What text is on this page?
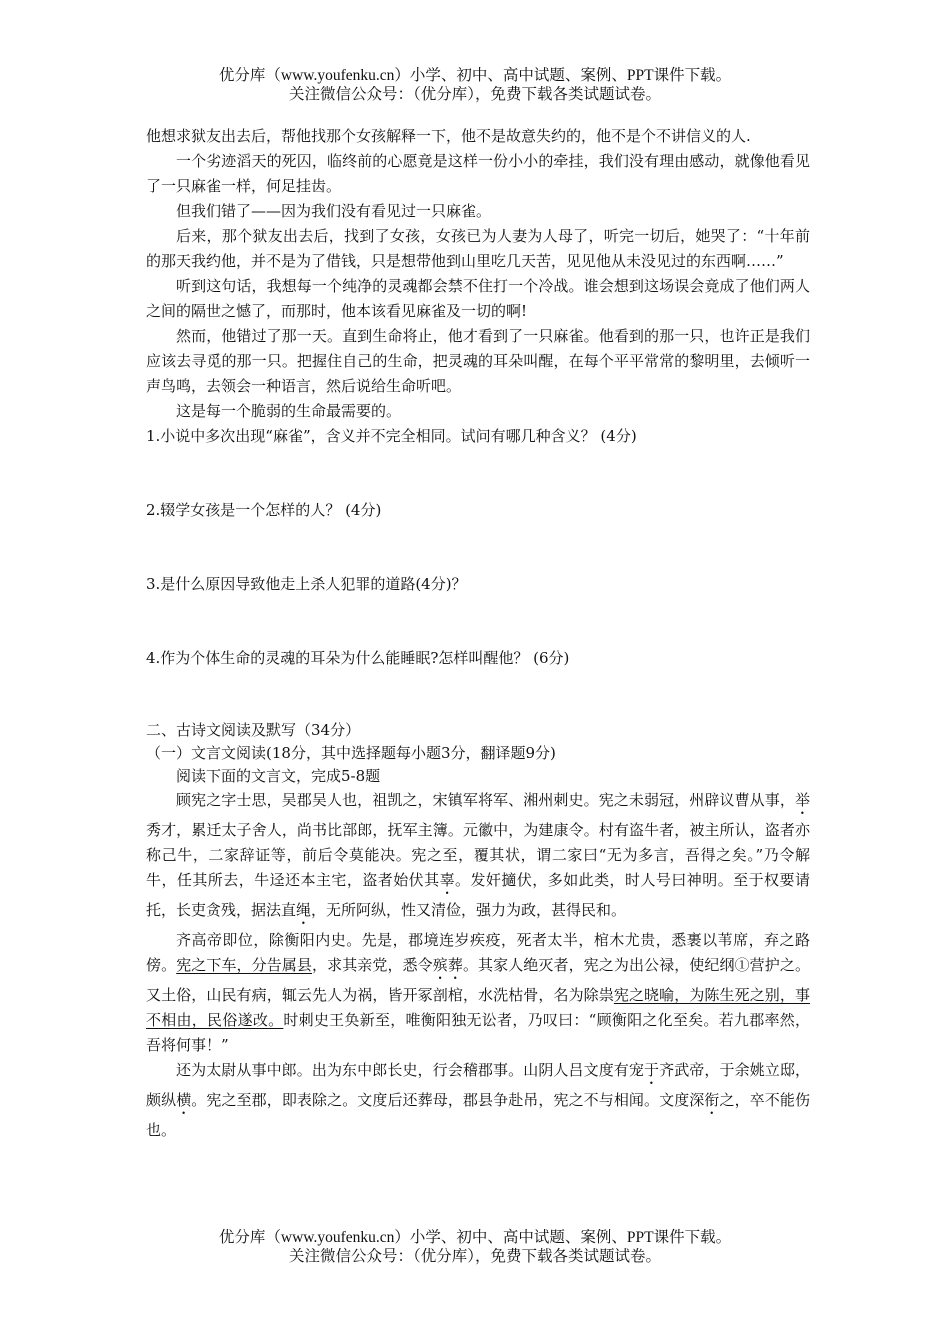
优分库（www.youfenku.cn）小学、初中、高中试题、案例、PPT课件下载。
关注微信公众号：（优分库），免费下载各类试题试卷。

他想求狱友出去后，帮他找那个女孩解释一下，他不是故意失约的，他不是个不讲信义的人.

一个劣迹滔天的死囚，临终前的心愿竟是这样一份小小的牵挂，我们没有理由感动，就像他看见了一只麻雀一样，何足挂齿。

但我们错了——因为我们没有看见过一只麻雀。

后来，那个狱友出去后，找到了女孩，女孩已为人妻为人母了，听完一切后，她哭了：“十年前的那天我约他，并不是为了借钱，只是想带他到山里吃几天苦，见见他从未没见过的东西啊……”

听到这句话，我想每一个纯净的灵魂都会禁不住打一个冷战。谁会想到这场误会竟成了他们两人之间的隔世之憾了，而那时，他本该看见麻雀及一切的啊!

然而，他错过了那一天。直到生命将止，他才看到了一只麻雀。他看到的那一只，也许正是我们应该去寻觅的那一只。把握住自己的生命，把灵魂的耳朵叫醒，在每个平平常常的黎明里，去倾听一声鸟鸣，去领会一种语言，然后说给生命听吧。

这是每一个脆弱的生命最需要的。

1.小说中多次出现“麻雀”，含义并不完全相同。试问有哪几种含义？ (4分)

2.辍学女孩是一个怎样的人？ (4分)

3.是什么原因导致他走上杀人犯罪的道路(4分)？

4.作为个体生命的灵魂的耳朵为什么能睡眠?怎样叫醒他？ (6分)

二、古诗文阅读及默写（34分）

（一）文言文阅读(18分，其中选择题每小题3分，翻译题9分)

阅读下面的文言文，完成5-8题

顾宪之字士思，吴郡吴人也，祖凯之，宋镇军将军、湘州刺史。宪之未弱冠，州辟议曹从事，举秀才，累迁太子舍人，尚书比部郎，抚军主簿。元徽中，为建康令。村有盗牛者，被主所认，盗者亦称己牛，二家辞证等，前后令莫能决。宪之至，覆其状，谓二家曰“无为多言，吾得之矣。”乃令解牛，任其所去，牛迳还本主宅，盗者始伏其辜。发奸擿伏，多如此类，时人号曰神明。至于权要请托，长吏贪残，据法直绳，无所阿纵，性又清俭，强力为政，甚得民和。

齐高帝即位，除衡阳内史。先是，郡境连岁疾疫，死者太半，棺木尤贵，悉裹以苇席，弃之路傍。宪之下车，分告属县，求其亲党，悉令殡葬。其家人绝灭者，宪之为出公禄，使纪纲①营护之。又土俗，山民有病，辄云先人为祸，皆开冢剖棺，水洗枯骨，名为除祟宪之晓喻，为陈生死之别，事不相由，民俗遂改。时刺史王奂新至，唯衡阳独无讼者，乃叹曰：“顾衡阳之化至矣。若九郡率然，吾将何事！”

还为太尉从事中郎。出为东中郎长史，行会稽郡事。山阴人吕文度有宠于齐武帝，于余姚立邸，颇纵横。宪之至郡，即表除之。文度后还葬母，郡县争赴吊，宪之不与相闻。文度深衔之，卒不能伤也。

优分库（www.youfenku.cn）小学、初中、高中试题、案例、PPT课件下载。
关注微信公众号：（优分库），免费下载各类试题试卷。
